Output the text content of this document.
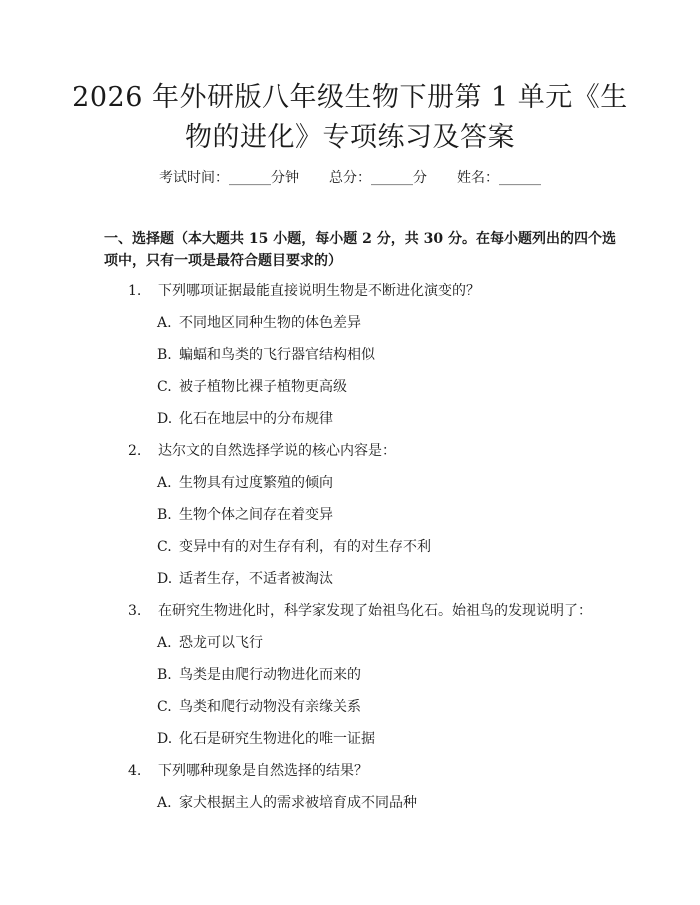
2026 年外研版八年级生物下册第 1 单元《生物的进化》专项练习及答案
考试时间：______分钟 总分：______分 姓名：______
一、选择题（本大题共 15 小题，每小题 2 分，共 30 分。在每小题列出的四个选项中，只有一项是最符合题目要求的）
1. 下列哪项证据最能直接说明生物是不断进化演变的？
A. 不同地区同种生物的体色差异
B. 蝙蝠和鸟类的飞行器官结构相似
C. 被子植物比裸子植物更高级
D. 化石在地层中的分布规律
2. 达尔文的自然选择学说的核心内容是：
A. 生物具有过度繁殖的倾向
B. 生物个体之间存在着变异
C. 变异中有的对生存有利，有的对生存不利
D. 适者生存，不适者被淘汰
3. 在研究生物进化时，科学家发现了始祖鸟化石。始祖鸟的发现说明了：
A. 恐龙可以飞行
B. 鸟类是由爬行动物进化而来的
C. 鸟类和爬行动物没有亲缘关系
D. 化石是研究生物进化的唯一证据
4. 下列哪种现象是自然选择的结果？
A. 家犬根据主人的需求被培育成不同品种
